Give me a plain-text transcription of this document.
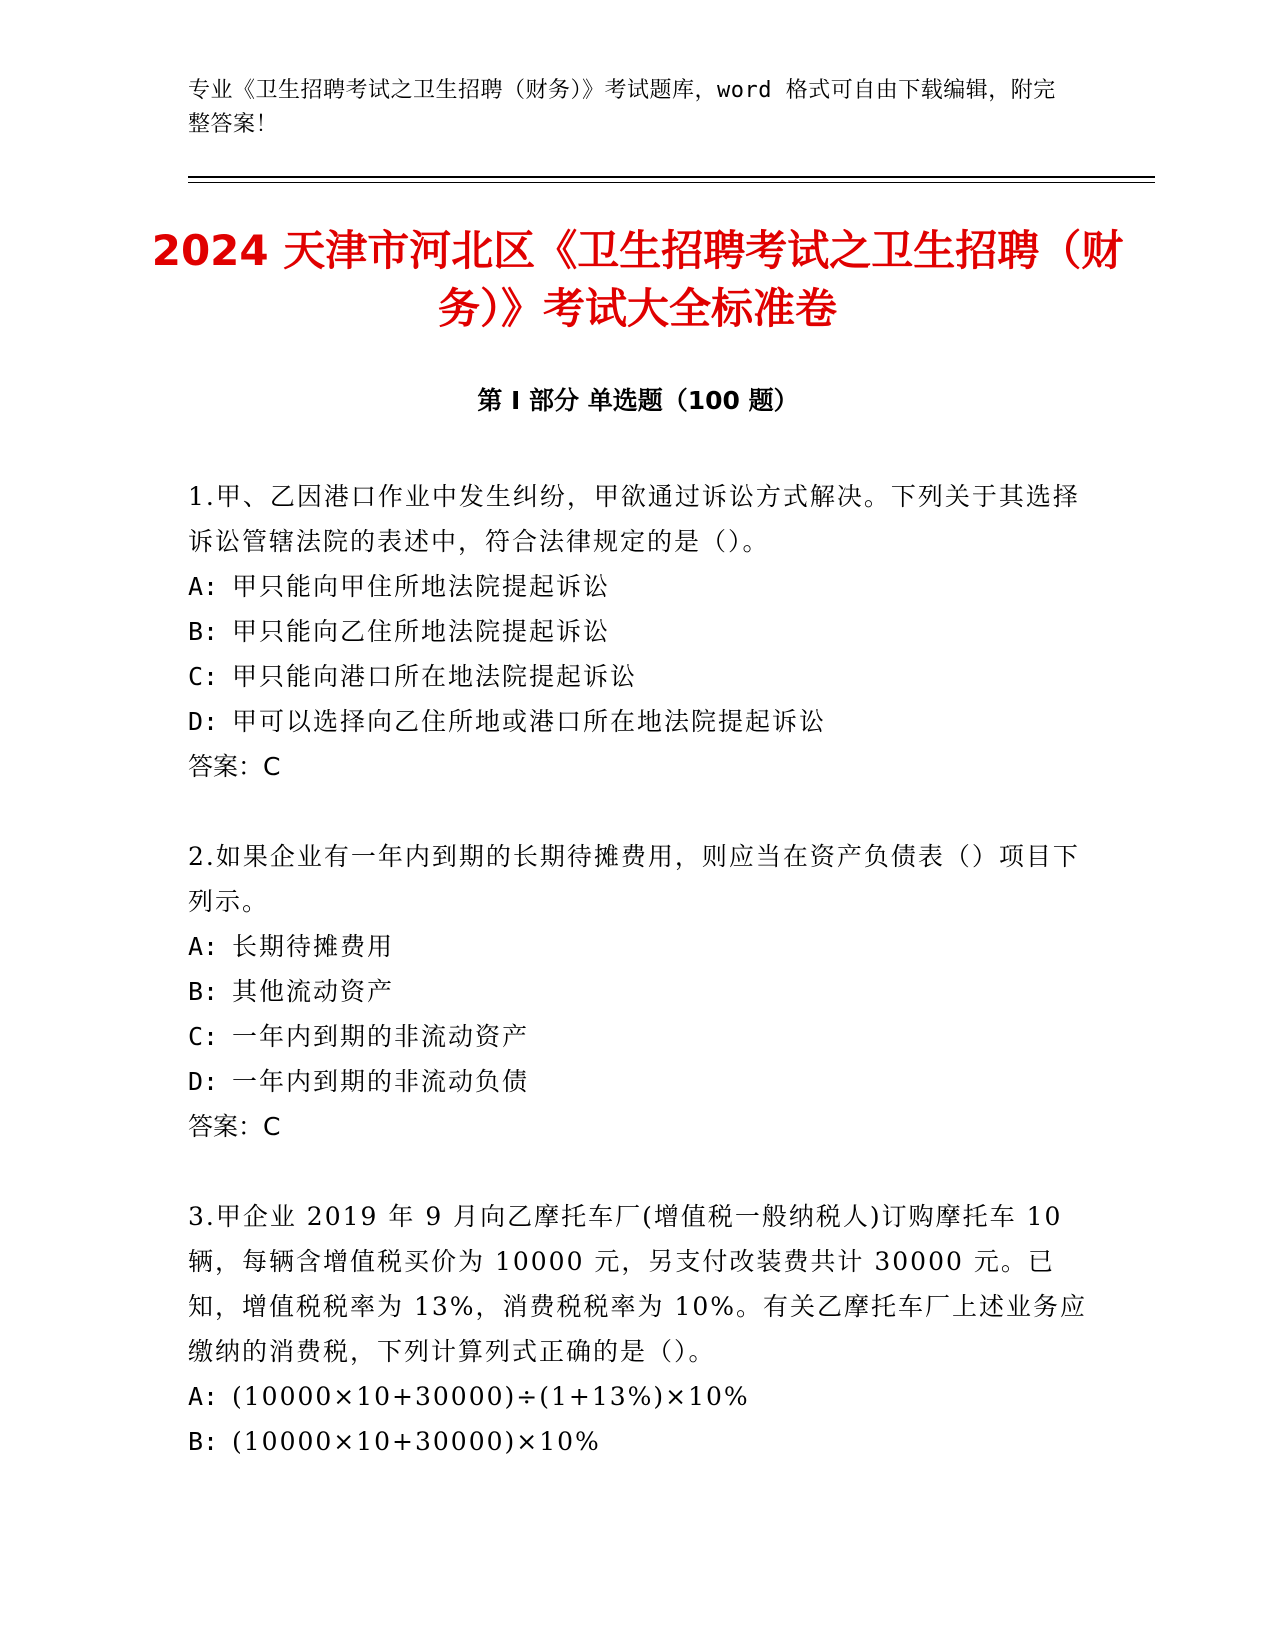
专业《卫生招聘考试之卫生招聘（财务）》考试题库，word 格式可自由下载编辑，附完整答案！
2024 天津市河北区《卫生招聘考试之卫生招聘（财务）》考试大全标准卷
第 I 部分 单选题（100 题）
1.甲、乙因港口作业中发生纠纷，甲欲通过诉讼方式解决。下列关于其选择诉讼管辖法院的表述中，符合法律规定的是（）。
A: 甲只能向甲住所地法院提起诉讼
B: 甲只能向乙住所地法院提起诉讼
C: 甲只能向港口所在地法院提起诉讼
D: 甲可以选择向乙住所地或港口所在地法院提起诉讼
答案：C
2.如果企业有一年内到期的长期待摊费用，则应当在资产负债表（）项目下列示。
A: 长期待摊费用
B: 其他流动资产
C: 一年内到期的非流动资产
D: 一年内到期的非流动负债
答案：C
3.甲企业 2019 年 9 月向乙摩托车厂(增值税一般纳税人)订购摩托车 10 辆，每辆含增值税买价为 10000 元，另支付改装费共计 30000 元。已知，增值税税率为 13%，消费税税率为 10%。有关乙摩托车厂上述业务应缴纳的消费税，下列计算列式正确的是（）。
A: (10000×10+30000)÷(1+13%)×10%
B: (10000×10+30000)×10%
